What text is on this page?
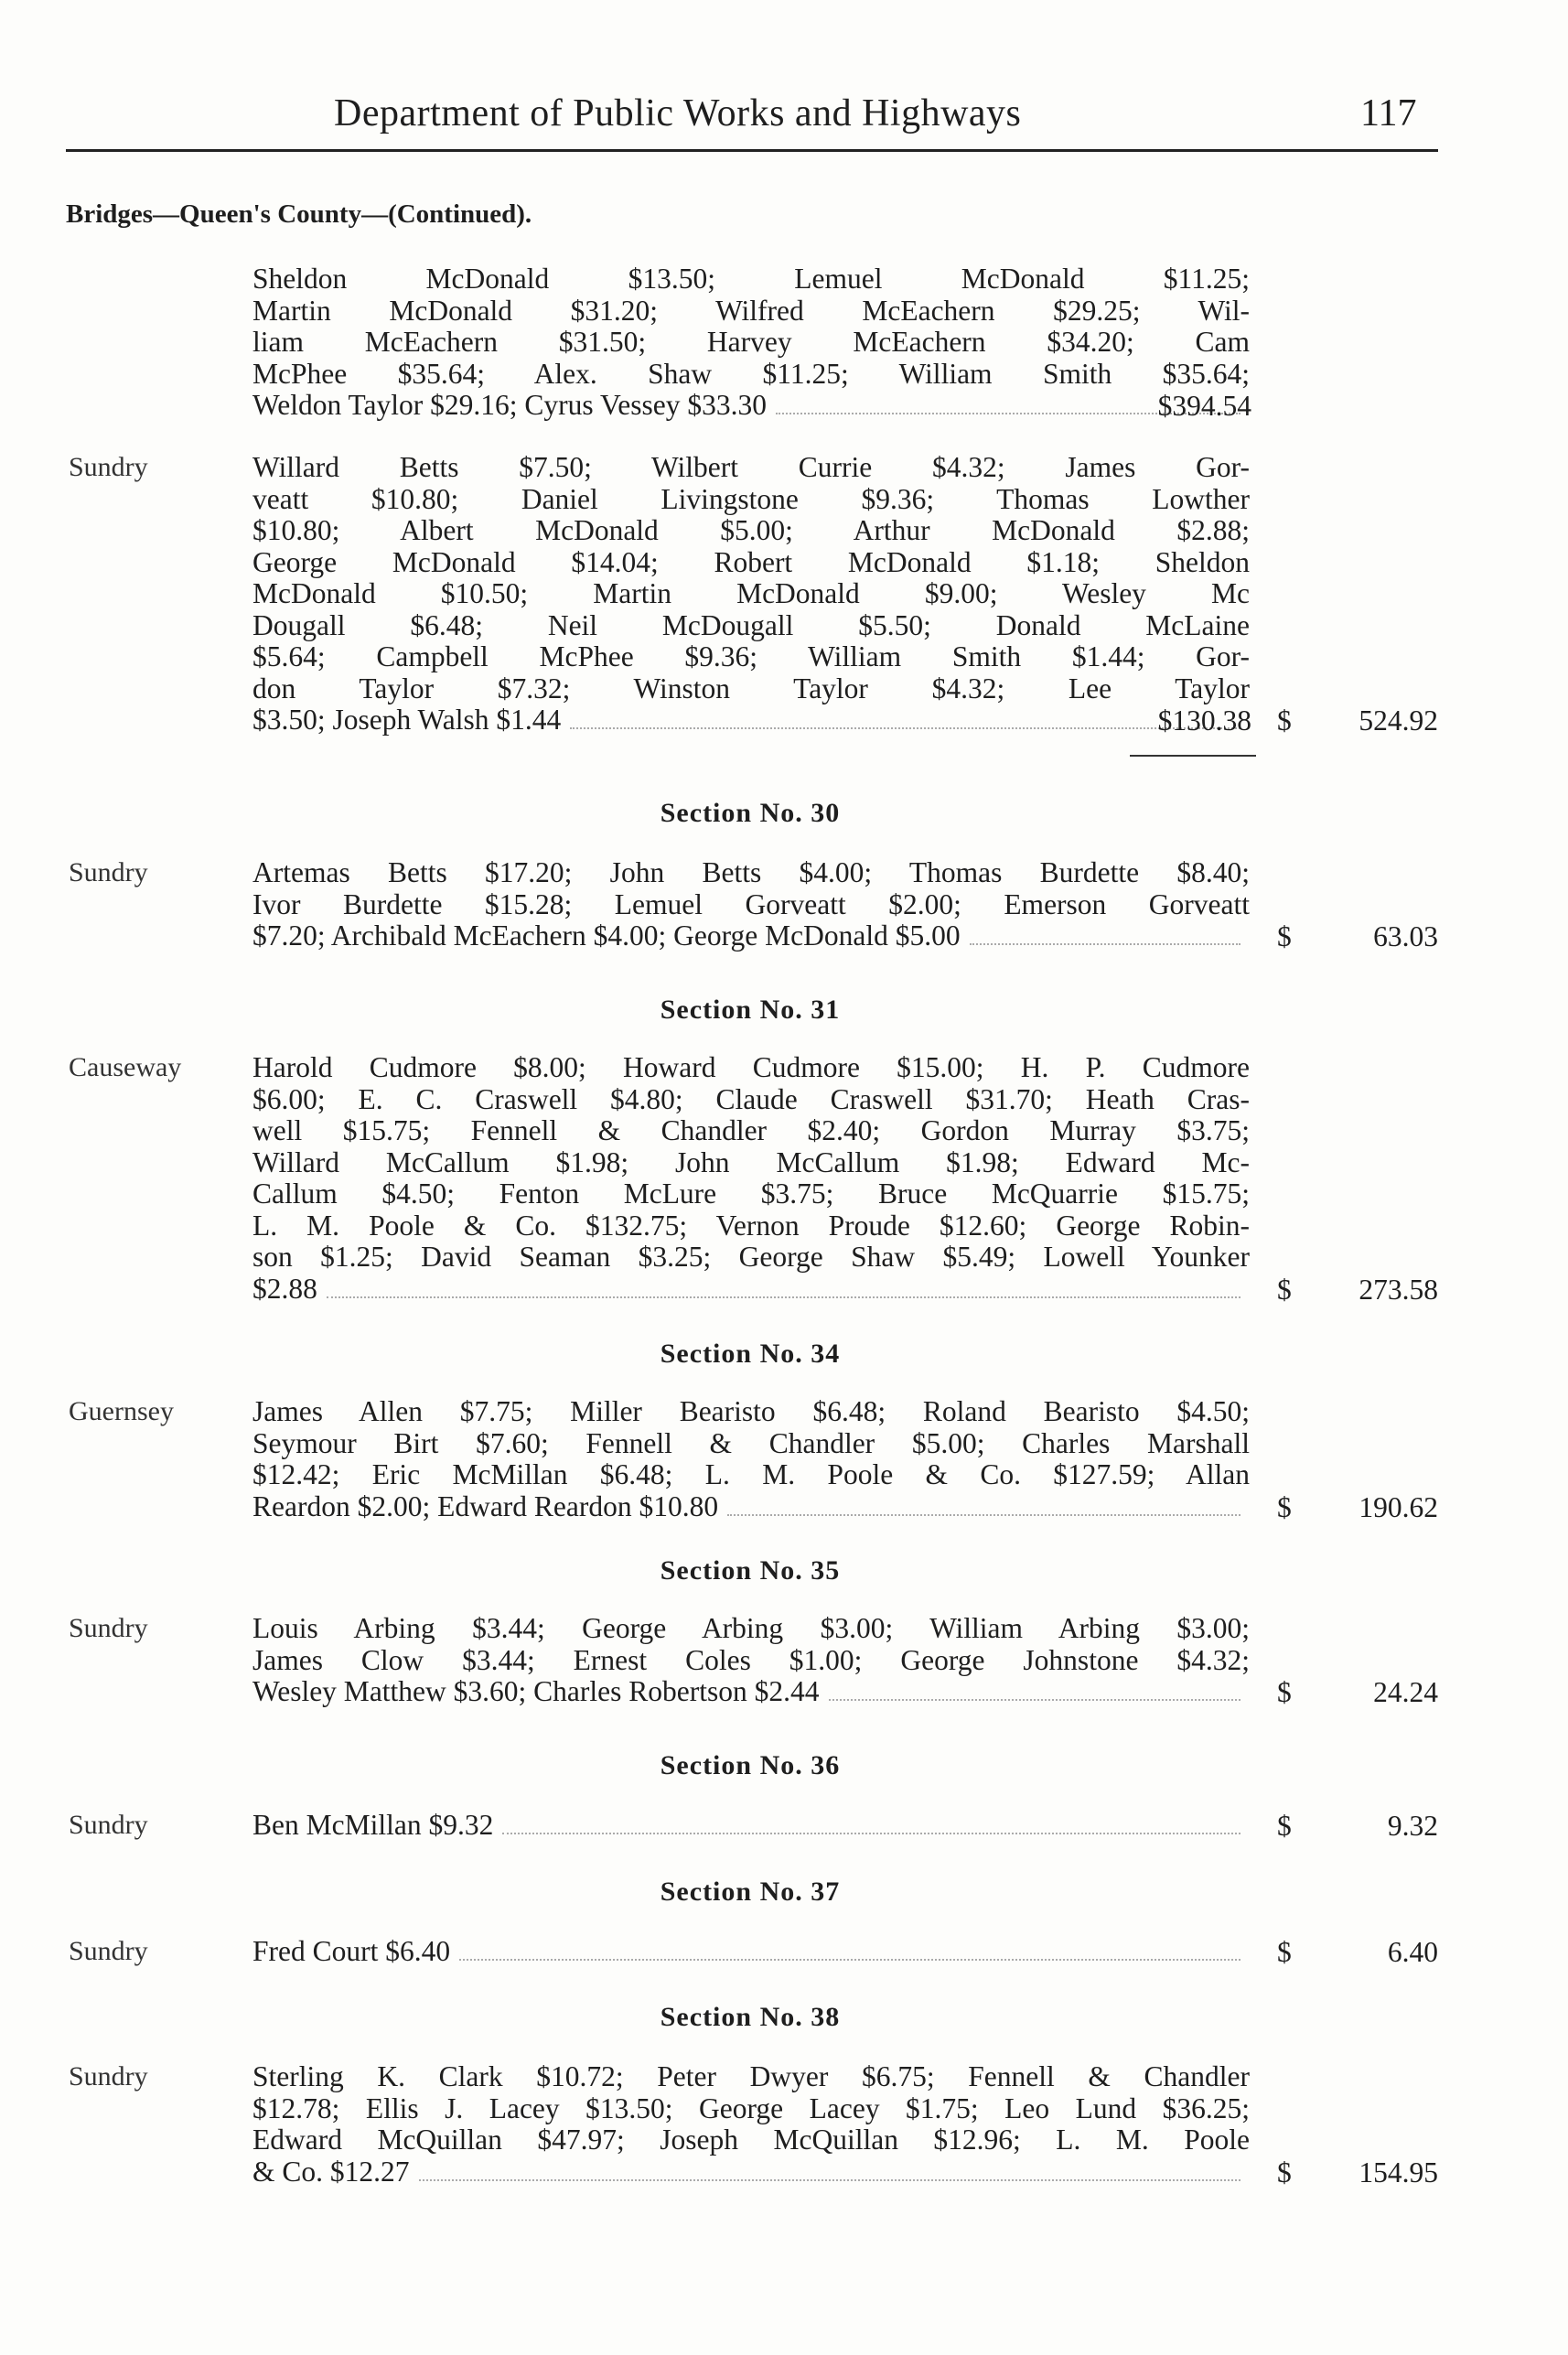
Department of Public Works and Highways	117
Bridges—Queen's County—(Continued).
Sheldon McDonald $13.50; Lemuel McDonald $11.25;
Martin McDonald $31.20; Wilfred McEachern $29.25; Wil-
liam McEachern $31.50; Harvey McEachern $34.20; Cam
McPhee $35.64; Alex. Shaw $11.25; William Smith $35.64;
Weldon Taylor $29.16; Cyrus Vessey $33.30	$394.54
Sundry	Willard Betts $7.50; Wilbert Currie $4.32; James Gor-
veatt $10.80; Daniel Livingstone $9.36; Thomas Lowther
$10.80; Albert McDonald $5.00; Arthur McDonald $2.88;
George McDonald $14.04; Robert McDonald $1.18; Sheldon
McDonald $10.50; Martin McDonald $9.00; Wesley Mc
Dougall $6.48; Neil McDougall $5.50; Donald McLaine
$5.64; Campbell McPhee $9.36; William Smith $1.44; Gor-
don Taylor $7.32; Winston Taylor $4.32; Lee Taylor
$3.50; Joseph Walsh $1.44	$130.38 $	524.92
Section No. 30
Sundry	Artemas Betts $17.20; John Betts $4.00; Thomas Burdette $8.40;
Ivor Burdette $15.28; Lemuel Gorveatt $2.00; Emerson Gorveatt
$7.20; Archibald McEachern $4.00; George McDonald $5.00	$	63.03
Section No. 31
Causeway Harold Cudmore $8.00; Howard Cudmore $15.00; H. P. Cudmore
$6.00; E. C. Craswell $4.80; Claude Craswell $31.70; Heath Cras-
well $15.75; Fennell & Chandler $2.40; Gordon Murray $3.75;
Willard McCallum $1.98; John McCallum $1.98; Edward Mc-
Callum $4.50; Fenton McLure $3.75; Bruce McQuarrie $15.75;
L. M. Poole & Co. $132.75; Vernon Proude $12.60; George Robin-
son $1.25; David Seaman $3.25; George Shaw $5.49; Lowell Younker
$2.88	$	273.58
Section No. 34
Guernsey	James Allen $7.75; Miller Bearisto $6.48; Roland Bearisto $4.50;
Seymour Birt $7.60; Fennell & Chandler $5.00; Charles Marshall
$12.42; Eric McMillan $6.48; L. M. Poole & Co. $127.59; Allan
Reardon $2.00; Edward Reardon $10.80	$	190.62
Section No. 35
Sundry	Louis Arbing $3.44; George Arbing $3.00; William Arbing $3.00;
James Clow $3.44; Ernest Coles $1.00; George Johnstone $4.32;
Wesley Matthew $3.60; Charles Robertson $2.44	$	24.24
Section No. 36
Sundry	Ben McMillan $9.32	$	9.32
Section No. 37
Sundry	Fred Court $6.40	$	6.40
Section No. 38
Sundry	Sterling K. Clark $10.72; Peter Dwyer $6.75; Fennell & Chandler
$12.78; Ellis J. Lacey $13.50; George Lacey $1.75; Leo Lund $36.25;
Edward McQuillan $47.97; Joseph McQuillan $12.96; L. M. Poole
& Co. $12.27	$	154.95
